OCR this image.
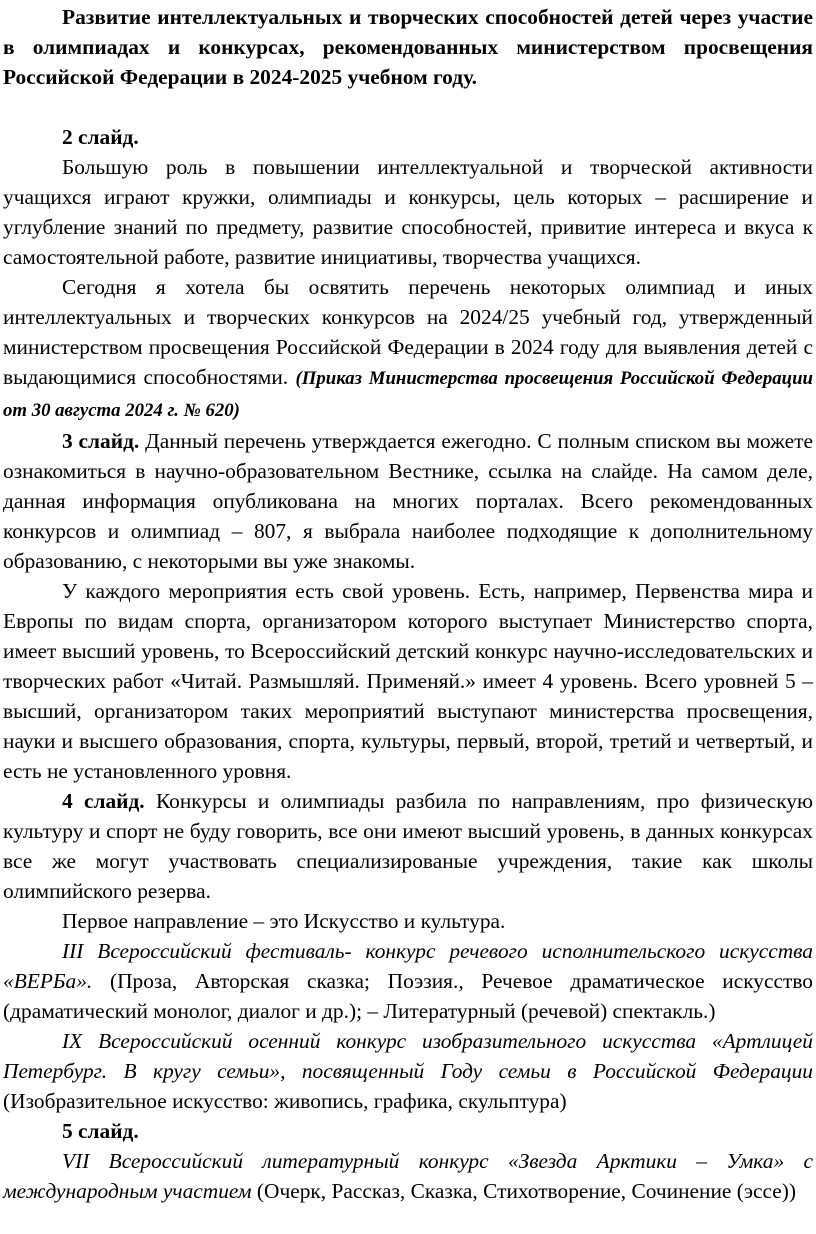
Развитие интеллектуальных и творческих способностей детей через участие в олимпиадах и конкурсах, рекомендованных министерством просвещения Российской Федерации в 2024-2025 учебном году.

2 слайд.

Большую роль в повышении интеллектуальной и творческой активности учащихся играют кружки, олимпиады и конкурсы, цель которых – расширение и углубление знаний по предмету, развитие способностей, привитие интереса и вкуса к самостоятельной работе, развитие инициативы, творчества учащихся.

Сегодня я хотела бы освятить перечень некоторых олимпиад и иных интеллектуальных и творческих конкурсов на 2024/25 учебный год, утвержденный министерством просвещения Российской Федерации в 2024 году для выявления детей с выдающимися способностями. (Приказ Министерства просвещения Российской Федерации от 30 августа 2024 г. № 620)

3 слайд. Данный перечень утверждается ежегодно. С полным списком вы можете ознакомиться в научно-образовательном Вестнике, ссылка на слайде. На самом деле, данная информация опубликована на многих порталах. Всего рекомендованных конкурсов и олимпиад – 807, я выбрала наиболее подходящие к дополнительному образованию, с некоторыми вы уже знакомы.

У каждого мероприятия есть свой уровень. Есть, например, Первенства мира и Европы по видам спорта, организатором которого выступает Министерство спорта, имеет высший уровень, то Всероссийский детский конкурс научно-исследовательских и творческих работ «Читай. Размышляй. Применяй.» имеет 4 уровень. Всего уровней 5 – высший, организатором таких мероприятий выступают министерства просвещения, науки и высшего образования, спорта, культуры, первый, второй, третий и четвертый, и есть не установленного уровня.

4 слайд. Конкурсы и олимпиады разбила по направлениям, про физическую культуру и спорт не буду говорить, все они имеют высший уровень, в данных конкурсах все же могут участвовать специализированые учреждения, такие как школы олимпийского резерва.

Первое направление – это Искусство и культура.

III Всероссийский фестиваль- конкурс речевого исполнительского искусства «ВЕРБа». (Проза, Авторская сказка; Поэзия., Речевое драматическое искусство (драматический монолог, диалог и др.); – Литературный (речевой) спектакль.)

IX Всероссийский осенний конкурс изобразительного искусства «Артлицей Петербург. В кругу семьи», посвященный Году семьи в Российской Федерации (Изобразительное искусство: живопись, графика, скульптура)

5 слайд.

VII Всероссийский литературный конкурс «Звезда Арктики – Умка» с международным участием (Очерк, Рассказ, Сказка, Стихотворение, Сочинение (эссе))
